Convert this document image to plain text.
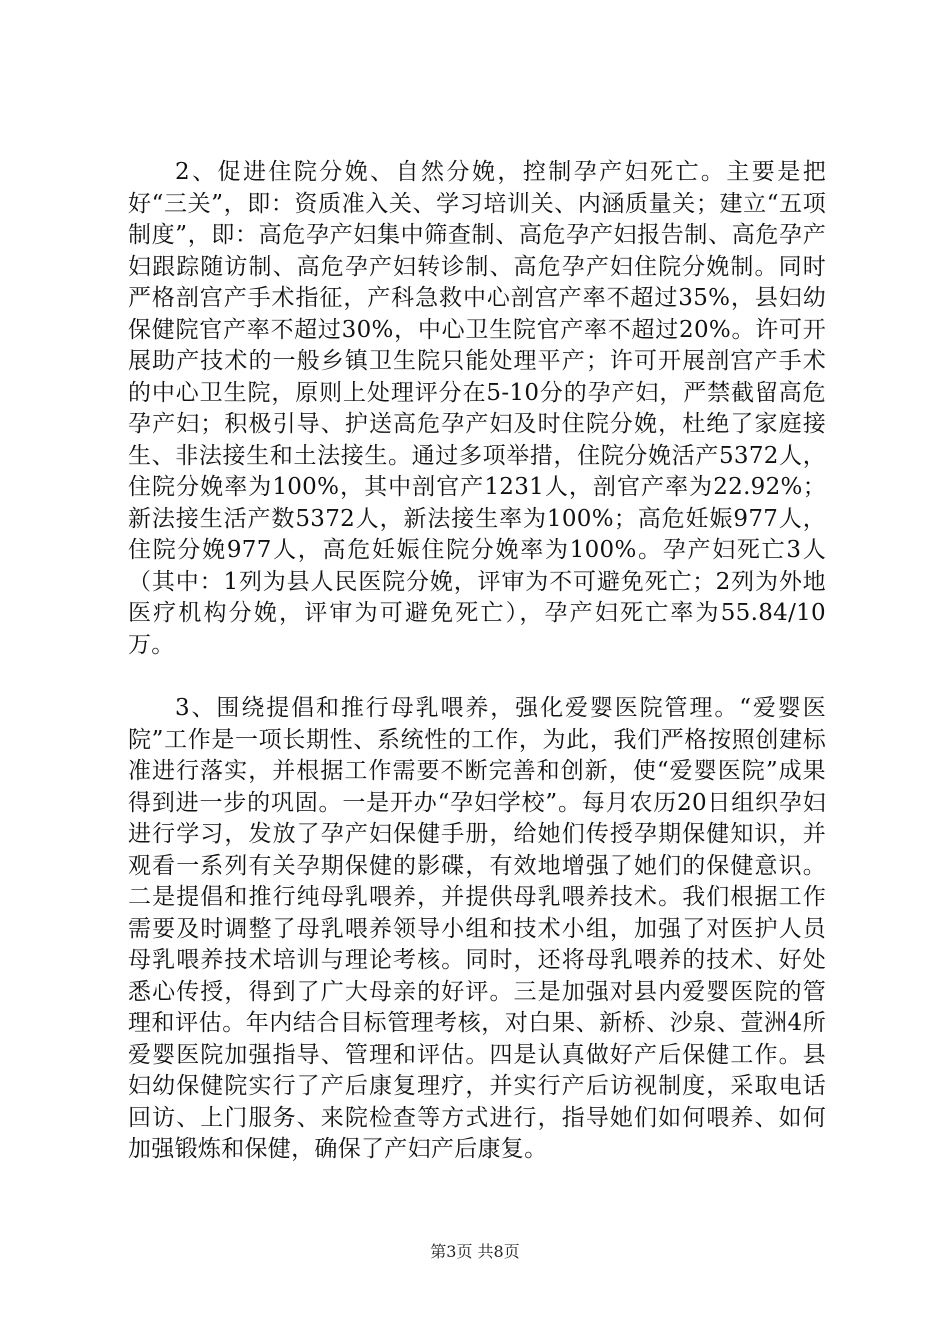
2、促进住院分娩、自然分娩，控制孕产妇死亡。主要是把好“三关”，即：资质准入关、学习培训关、内涵质量关；建立“五项制度”，即：高危孕产妇集中筛查制、高危孕产妇报告制、高危孕产妇跟踪随访制、高危孕产妇转诊制、高危孕产妇住院分娩制。同时严格剖宫产手术指征，产科急救中心剖宫产率不超过35%，县妇幼保健院官产率不超过30%，中心卫生院官产率不超过20%。许可开展助产技术的一般乡镇卫生院只能处理平产；许可开展剖宫产手术的中心卫生院，原则上处理评分在5-10分的孕产妇，严禁截留高危孕产妇；积极引导、护送高危孕产妇及时住院分娩，杜绝了家庭接生、非法接生和土法接生。通过多项举措，住院分娩活产5372人，住院分娩率为100%，其中剖官产1231人，剖官产率为22.92%；新法接生活产数5372人，新法接生率为100%；高危妊娠977人，住院分娩977人，高危妊娠住院分娩率为100%。孕产妇死亡3人（其中：1列为县人民医院分娩，评审为不可避免死亡；2列为外地医疗机构分娩，评审为可避免死亡），孕产妇死亡率为55.84/10万。

3、围绕提倡和推行母乳喂养，强化爱婴医院管理。“爱婴医院”工作是一项长期性、系统性的工作，为此，我们严格按照创建标准进行落实，并根据工作需要不断完善和创新，使“爱婴医院”成果得到进一步的巩固。一是开办“孕妇学校”。每月农历20日组织孕妇进行学习，发放了孕产妇保健手册，给她们传授孕期保健知识，并观看一系列有关孕期保健的影碟，有效地增强了她们的保健意识。二是提倡和推行纯母乳喂养，并提供母乳喂养技术。我们根据工作需要及时调整了母乳喂养领导小组和技术小组，加强了对医护人员母乳喂养技术培训与理论考核。同时，还将母乳喂养的技术、好处悉心传授，得到了广大母亲的好评。三是加强对县内爱婴医院的管理和评估。年内结合目标管理考核，对白果、新桥、沙泉、萱洲4所爱婴医院加强指导、管理和评估。四是认真做好产后保健工作。县妇幼保健院实行了产后康复理疗，并实行产后访视制度，采取电话回访、上门服务、来院检查等方式进行，指导她们如何喂养、如何加强锻炼和保健，确保了产妇产后康复。

第3页 共8页
